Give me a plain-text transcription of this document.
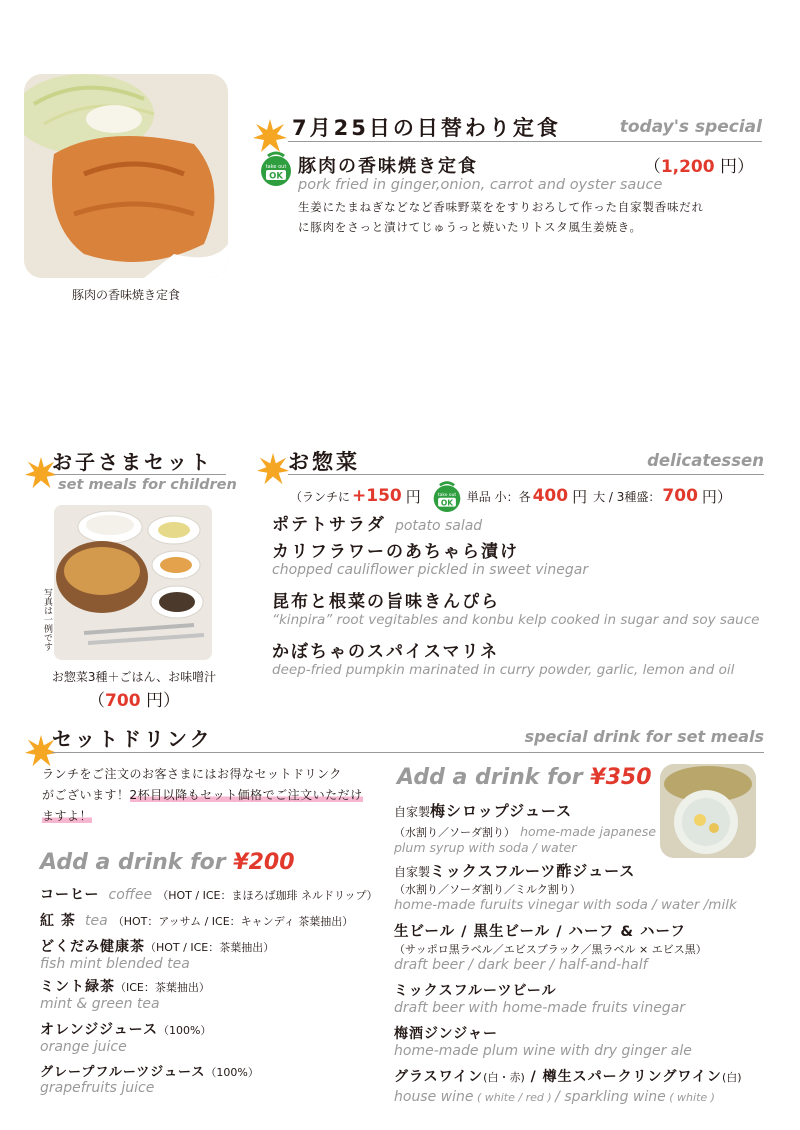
豚肉の香味焼き定食
7月25日の日替わり定食	today's special
take out
OK 豚肉の香味焼き定食	（1,200 円）
pork fried in ginger,onion, carrot and oyster sauce
生姜にたまねぎなどなど香味野菜ををすりおろして作った自家製香味だれ
に豚肉をさっと漬けてじゅうっと焼いたリトスタ風生姜焼き。
お子さまセット
set meals for children
写真は一例です
お惣菜3種＋ごはん、お味噌汁
（700 円）
お惣菜	delicatessen
（ランチに +150 円	take out
OK 単品 小：各 400 円 大 / 3種盛： 700 円）
ポテトサラダ potato salad
カリフラワーのあちゃら漬け
chopped cauliflower pickled in sweet vinegar
昆布と根菜の旨味きんぴら
“kinpira” root vegitables and konbu kelp cooked in sugar and soy sauce
かぼちゃのスパイスマリネ
deep-fried pumpkin marinated in curry powder, garlic, lemon and oil
セットドリンク	special drink for set meals
ランチをご注文のお客さまにはお得なセットドリンク
がございます！2杯目以降もセット価格でご注文いただけ
ますよ！
Add a drink for ¥200
コーヒー coffee （HOT / ICE：まほろば珈琲 ネルドリップ）
紅 茶 tea （HOT：アッサム / ICE：キャンディ 茶葉抽出）
どくだみ健康茶（HOT / ICE：茶葉抽出）
fish mint blended tea
ミント緑茶（ICE：茶葉抽出）
mint & green tea
オレンジジュース（100%）
orange juice
グレープフルーツジュース（100%）
grapefruits juice
Add a drink for ¥350
自家製梅シロップジュース
（水割り／ソーダ割り） home-made japanese
plum syrup with soda / water
自家製ミックスフルーツ酢ジュース
（水割り／ソーダ割り／ミルク割り）
home-made furuits vinegar with soda / water /milk
生ビール / 黒生ビール / ハーフ & ハーフ
（サッポロ黒ラベル／エビスブラック／黒ラベル × エビス黒）
draft beer / dark beer / half-and-half
ミックスフルーツビール
draft beer with home-made fruits vinegar
梅酒ジンジャー
home-made plum wine with dry ginger ale
グラスワイン(白・赤) / 樽生スパークリングワイン(白)
house wine ( white / red ) / sparkling wine ( white )
